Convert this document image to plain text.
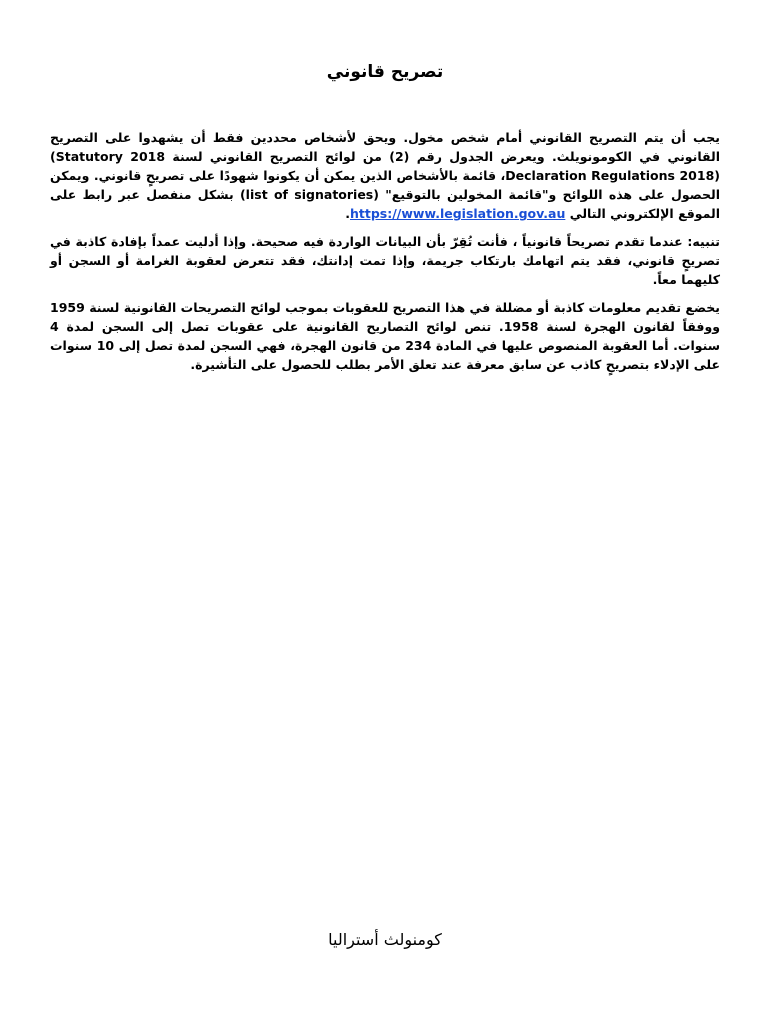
تصريح قانوني

يجب أن يتم التصريح القانوني أمام شخص مخول. ويحق لأشخاص محددين فقط أن يشهدوا على التصريح القانوني في الكومونويلث. ويعرض الجدول رقم (2) من لوائح التصريح القانوني لسنة 2018 (Statutory Declaration Regulations 2018)، قائمة بالأشخاص الذين يمكن أن يكونوا شهودًا على تصريحٍ قانوني. ويمكن الحصول على هذه اللوائح و"قائمة المخولين بالتوقيع" (list of signatories) بشكل منفصل عبر رابط على الموقع الإلكتروني التالي https://www.legislation.gov.au.

تنبيه: عندما تقدم تصريحاً قانونياً ، فأنت تُقِرّ بأن البيانات الواردة فيه صحيحة. وإذا أدليت عمداً بإفادة كاذبة في تصريحٍ قانوني، فقد يتم اتهامك بارتكاب جريمة، وإذا تمت إدانتك، فقد تتعرض لعقوبة الغرامة أو السجن أو كليهما معاً.

يخضع تقديم معلومات كاذبة أو مضللة في هذا التصريح للعقوبات بموجب لوائح التصريحات القانونية لسنة 1959 ووفقاً لقانون الهجرة لسنة 1958. تنص لوائح التصاريح القانونية على عقوبات تصل إلى السجن لمدة 4 سنوات. أما العقوبة المنصوص عليها في المادة 234 من قانون الهجرة، فهي السجن لمدة تصل إلى 10 سنوات على الإدلاء بتصريحٍ كاذب عن سابق معرفة عند تعلق الأمر بطلب للحصول على التأشيرة.

كومنولث أستراليا
